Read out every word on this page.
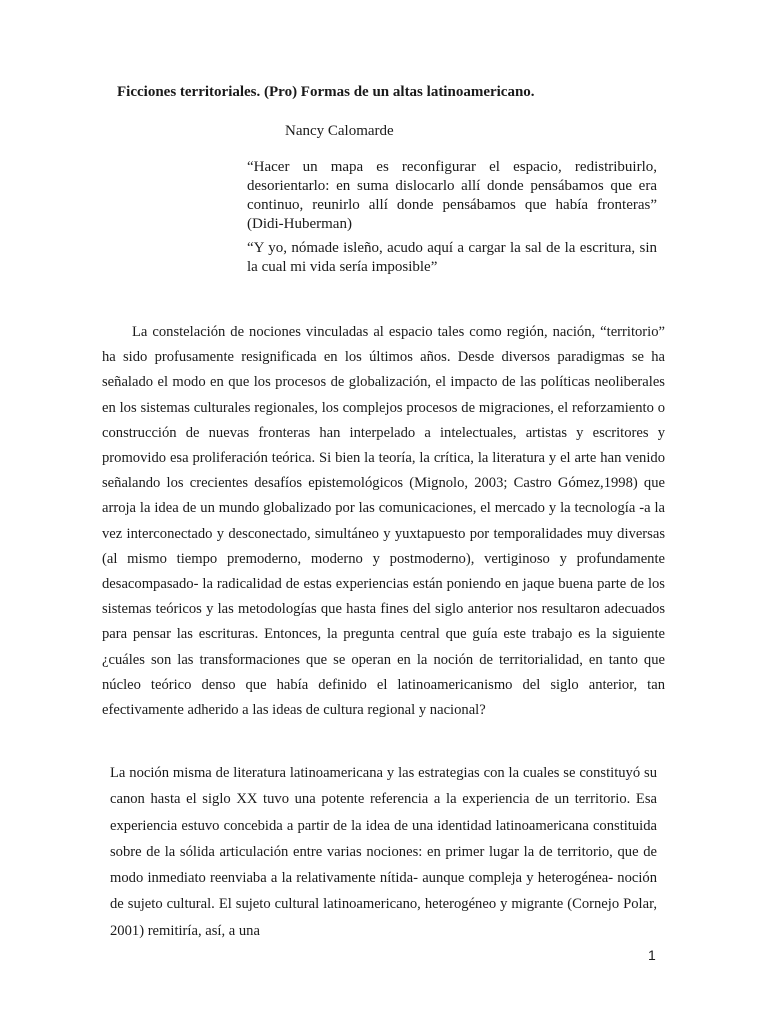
Ficciones territoriales. (Pro) Formas de un altas latinoamericano.
Nancy Calomarde
“Hacer un mapa es reconfigurar el espacio, redistribuirlo, desorientarlo: en suma dislocarlo allí donde pensábamos que era continuo, reunirlo allí donde pensábamos que había fronteras” (Didi-Huberman)
“Y yo, nómade isleño, acudo aquí a cargar la sal de la escritura, sin la cual mi vida sería imposible”
La constelación de nociones vinculadas al espacio tales como región, nación, “territorio” ha sido profusamente resignificada en los últimos años. Desde diversos paradigmas se ha señalado el modo en que los procesos de globalización, el impacto de las políticas neoliberales en los sistemas culturales regionales, los complejos procesos de migraciones, el reforzamiento o construcción de nuevas fronteras han interpelado a intelectuales, artistas y escritores y promovido esa proliferación teórica. Si bien la teoría, la crítica, la literatura y el arte han venido señalando los crecientes desafíos epistemológicos (Mignolo, 2003; Castro Gómez,1998) que arroja la idea de un mundo globalizado por las comunicaciones, el mercado y la tecnología -a la vez interconectado y desconectado, simultáneo y yuxtapuesto por temporalidades muy diversas (al mismo tiempo premoderno, moderno y postmoderno), vertiginoso y profundamente desacompasado- la radicalidad de estas experiencias están poniendo en jaque buena parte de los sistemas teóricos y las metodologías que hasta fines del siglo anterior nos resultaron adecuados para pensar las escrituras. Entonces, la pregunta central que guía este trabajo es la siguiente ¿cuáles son las transformaciones que se operan en la noción de territorialidad, en tanto que núcleo teórico denso que había definido el latinoamericanismo del siglo anterior, tan efectivamente adherido a las ideas de cultura regional y nacional?
La noción misma de literatura latinoamericana y las estrategias con la cuales se constituyó su canon hasta el siglo XX tuvo una potente referencia a la experiencia de un territorio. Esa experiencia estuvo concebida a partir de la idea de una identidad latinoamericana constituida sobre de la sólida articulación entre varias nociones: en primer lugar la de territorio, que de modo inmediato reenviaba a la relativamente nítida- aunque compleja y heterogénea- noción de sujeto cultural. El sujeto cultural latinoamericano, heterogéneo y migrante (Cornejo Polar, 2001) remitiría, así, a una
1
